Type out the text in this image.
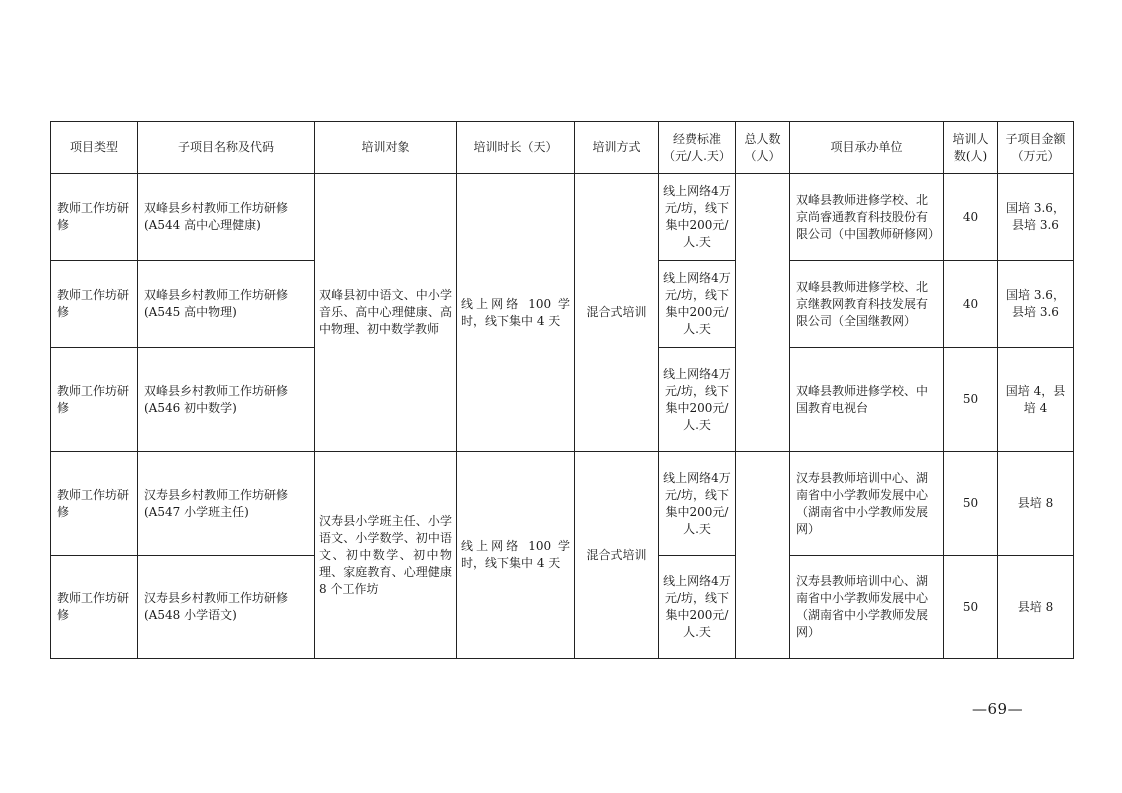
项目类型	子项目名称及代码	培训对象	培训时长（天）	培训方式	经费标准（元/人.天）	总人数（人）	项目承办单位	培训人数(人)	子项目金额（万元）
教师工作坊研修	双峰县乡村教师工作坊研修(A544 高中心理健康)	双峰县初中语文、中小学音乐、高中心理健康、高中物理、初中数学教师	线上网络 100 学时，线下集中 4 天	混合式培训	线上网络4万元/坊，线下集中200元/人.天		双峰县教师进修学校、北京尚睿通教育科技股份有限公司（中国教师研修网）	40	国培 3.6，县培 3.6
教师工作坊研修	双峰县乡村教师工作坊研修(A545 高中物理)				线上网络4万元/坊，线下集中200元/人.天		双峰县教师进修学校、北京继教网教育科技发展有限公司（全国继教网）	40	国培 3.6，县培 3.6
教师工作坊研修	双峰县乡村教师工作坊研修(A546 初中数学)				线上网络4万元/坊，线下集中200元/人.天		双峰县教师进修学校、中国教育电视台	50	国培 4，县培 4
教师工作坊研修	汉寿县乡村教师工作坊研修(A547 小学班主任)	汉寿县小学班主任、小学语文、小学数学、初中语文、初中数学、初中物理、家庭教育、心理健康 8 个工作坊	线上网络 100 学时，线下集中 4 天	混合式培训	线上网络4万元/坊，线下集中200元/人.天		汉寿县教师培训中心、湖南省中小学教师发展中心（湖南省中小学教师发展网）	50	县培 8
教师工作坊研修	汉寿县乡村教师工作坊研修(A548 小学语文)				线上网络4万元/坊，线下集中200元/人.天		汉寿县教师培训中心、湖南省中小学教师发展中心（湖南省中小学教师发展网）	50	县培 8
—69—
